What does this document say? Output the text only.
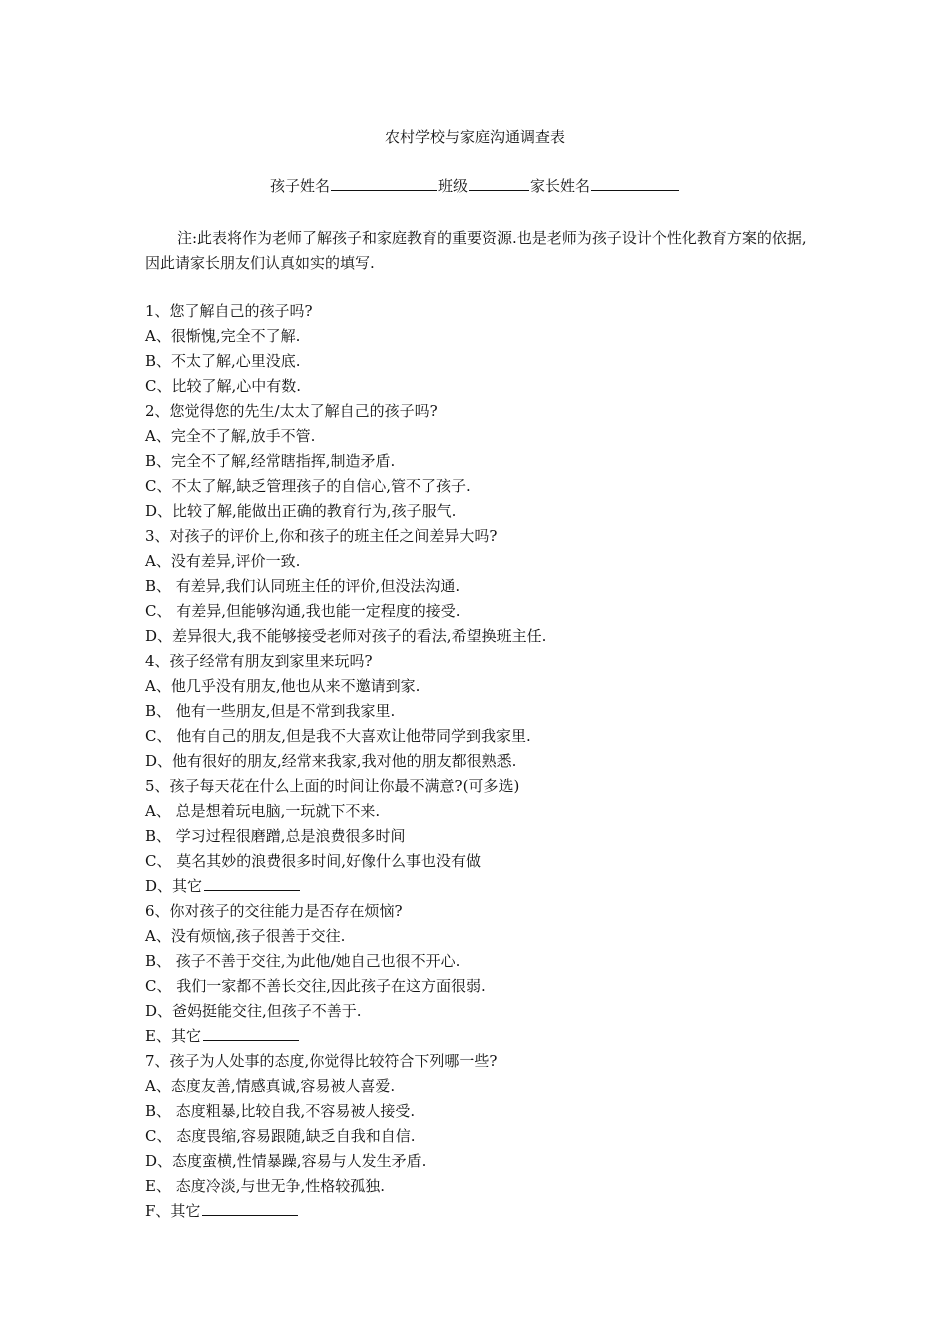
农村学校与家庭沟通调查表
孩子姓名	班级	家长姓名
注:此表将作为老师了解孩子和家庭教育的重要资源.也是老师为孩子设计个性化教育方案的依据,因此请家长朋友们认真如实的填写.
1、您了解自己的孩子吗?
A、很惭愧,完全不了解.
B、不太了解,心里没底.
C、比较了解,心中有数.
2、您觉得您的先生/太太了解自己的孩子吗?
A、完全不了解,放手不管.
B、完全不了解,经常瞎指挥,制造矛盾.
C、不太了解,缺乏管理孩子的自信心,管不了孩子.
D、比较了解,能做出正确的教育行为,孩子服气.
3、对孩子的评价上,你和孩子的班主任之间差异大吗?
A、没有差异,评价一致.
B、 有差异,我们认同班主任的评价,但没法沟通.
C、 有差异,但能够沟通,我也能一定程度的接受.
D、差异很大,我不能够接受老师对孩子的看法,希望换班主任.
4、孩子经常有朋友到家里来玩吗?
A、他几乎没有朋友,他也从来不邀请到家.
B、 他有一些朋友,但是不常到我家里.
C、 他有自己的朋友,但是我不大喜欢让他带同学到我家里.
D、他有很好的朋友,经常来我家,我对他的朋友都很熟悉.
5、孩子每天花在什么上面的时间让你最不满意?(可多选)
A、 总是想着玩电脑,一玩就下不来.
B、 学习过程很磨蹭,总是浪费很多时间
C、 莫名其妙的浪费很多时间,好像什么事也没有做
D、其它
6、你对孩子的交往能力是否存在烦恼?
A、没有烦恼,孩子很善于交往.
B、 孩子不善于交往,为此他/她自己也很不开心.
C、 我们一家都不善长交往,因此孩子在这方面很弱.
D、爸妈挺能交往,但孩子不善于.
E、其它
7、孩子为人处事的态度,你觉得比较符合下列哪一些?
A、态度友善,情感真诚,容易被人喜爱.
B、 态度粗暴,比较自我,不容易被人接受.
C、 态度畏缩,容易跟随,缺乏自我和自信.
D、态度蛮横,性情暴躁,容易与人发生矛盾.
E、 态度冷淡,与世无争,性格较孤独.
F、其它
